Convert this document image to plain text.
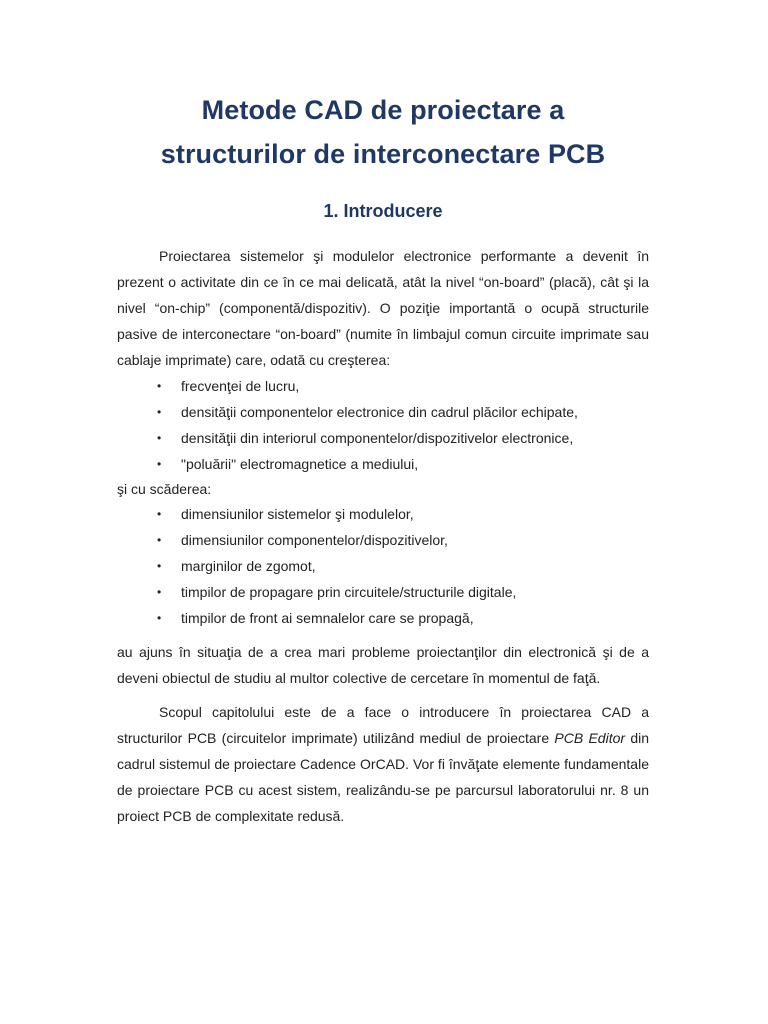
Metode CAD de proiectare a
structurilor de interconectare PCB
1. Introducere

Proiectarea sistemelor şi modulelor electronice performante a devenit în prezent o activitate din ce în ce mai delicată, atât la nivel “on-board” (placă), cât şi la nivel “on-chip” (componentă/dispozitiv). O poziţie importantă o ocupă structurile pasive de interconectare “on-board” (numite în limbajul comun circuite imprimate sau cablaje imprimate) care, odată cu creşterea:

• frecvenţei de lucru,
• densităţii componentelor electronice din cadrul plăcilor echipate,
• densităţii din interiorul componentelor/dispozitivelor electronice,
• "poluării" electromagnetice a mediului,

şi cu scăderea:

• dimensiunilor sistemelor şi modulelor,
• dimensiunilor componentelor/dispozitivelor,
• marginilor de zgomot,
• timpilor de propagare prin circuitele/structurile digitale,
• timpilor de front ai semnalelor care se propagă,

au ajuns în situaţia de a crea mari probleme proiectanţilor din electronică şi de a deveni obiectul de studiu al multor colective de cercetare în momentul de faţă.

Scopul capitolului este de a face o introducere în proiectarea CAD a structurilor PCB (circuitelor imprimate) utilizând mediul de proiectare PCB Editor din cadrul sistemul de proiectare Cadence OrCAD. Vor fi învăţate elemente fundamentale de proiectare PCB cu acest sistem, realizându-se pe parcursul laboratorului nr. 8 un proiect PCB de complexitate redusă.
